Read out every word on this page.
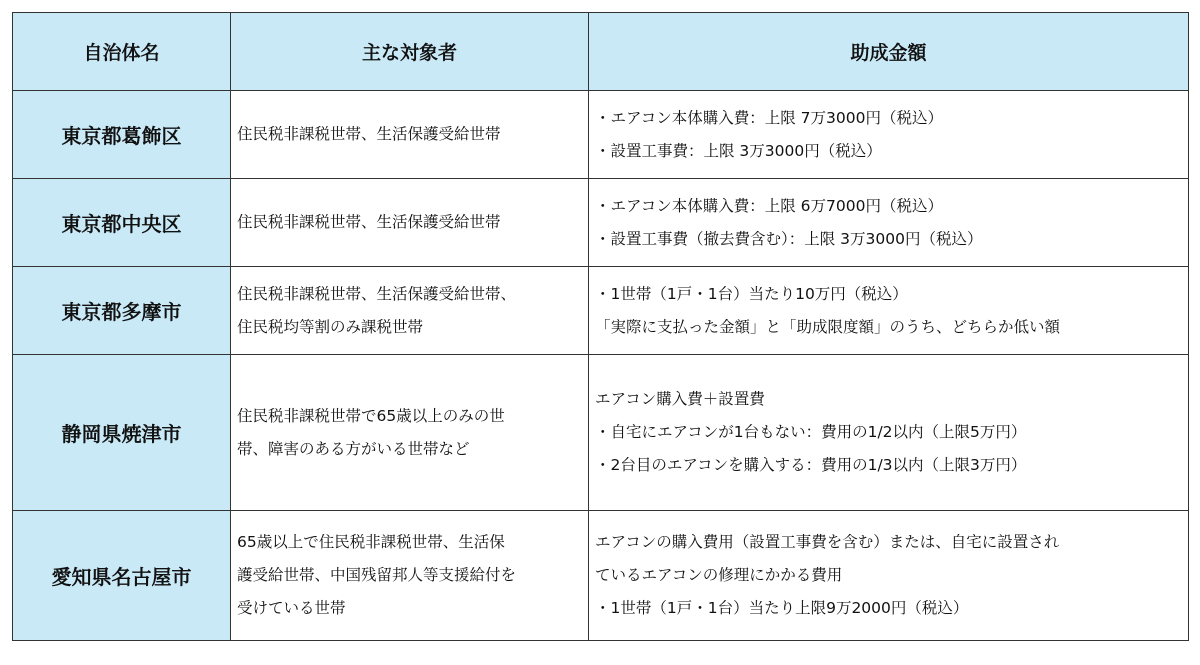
自治体名	主な対象者	助成金額
東京都葛飾区	住民税非課税世帯、生活保護受給世帯	・エアコン本体購入費：上限 7万3000円（税込）
・設置工事費：上限 3万3000円（税込）

東京都中央区	住民税非課税世帯、生活保護受給世帯	・エアコン本体購入費：上限 6万7000円（税込）
・設置工事費（撤去費含む）：上限 3万3000円（税込）

東京都多摩市	住民税非課税世帯、生活保護受給世帯、
住民税均等割のみ課税世帯	・1世帯（1戸・1台）当たり10万円（税込）
「実際に支払った金額」と「助成限度額」のうち、どちらか低い額

静岡県焼津市	住民税非課税世帯で65歳以上のみの世
帯、障害のある方がいる世帯など	エアコン購入費＋設置費
・自宅にエアコンが1台もない：費用の1/2以内（上限5万円）
・2台目のエアコンを購入する：費用の1/3以内（上限3万円）

愛知県名古屋市	65歳以上で住民税非課税世帯、生活保
護受給世帯、中国残留邦人等支援給付を
受けている世帯	エアコンの購入費用（設置工事費を含む）または、自宅に設置され
ているエアコンの修理にかかる費用
・1世帯（1戸・1台）当たり上限9万2000円（税込）
